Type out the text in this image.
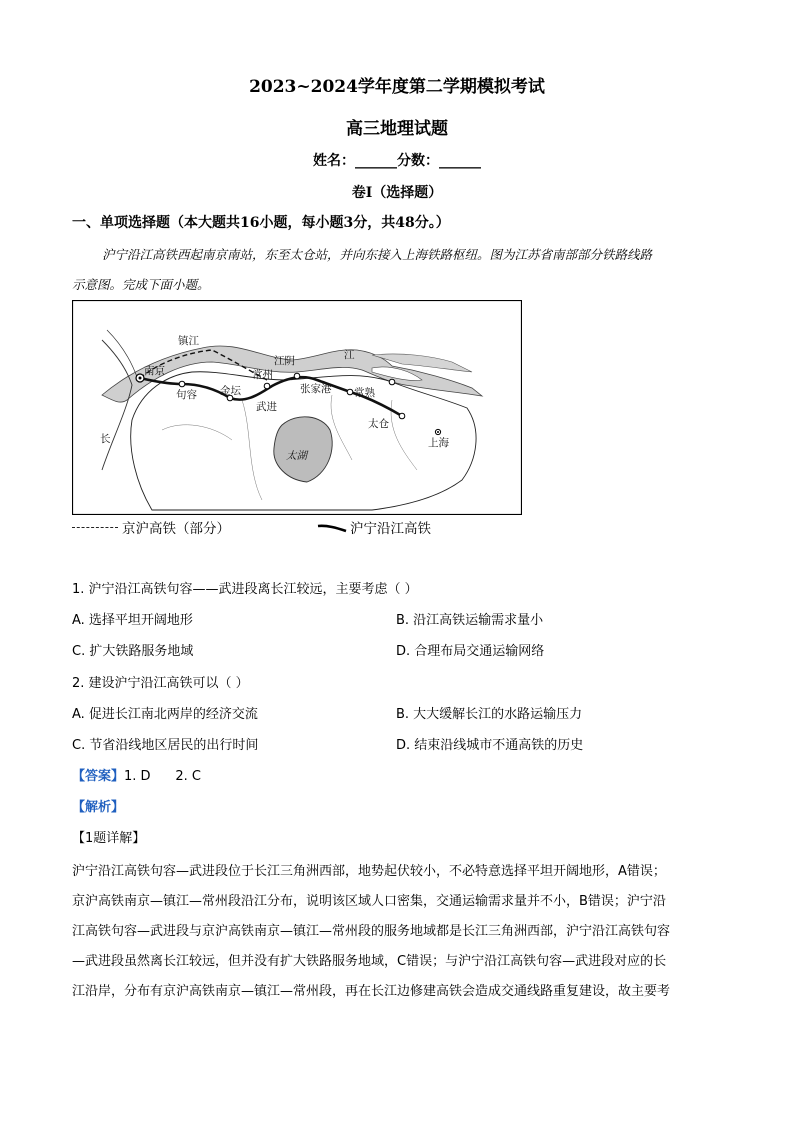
2023~2024学年度第二学期模拟考试
高三地理试题
姓名：______分数：______
卷Ⅰ（选择题）
一、单项选择题（本大题共16小题，每小题3分，共48分。）
沪宁沿江高铁西起南京南站，东至太仓站，并向东接入上海铁路枢纽。图为江苏省南部部分铁路线路
示意图。完成下面小题。
镇江
江阴	江
南京	常州
句容 金坛
武进
张家港 常熟
太仓
上海
太湖
长
京沪高铁（部分）	沪宁沿江高铁
1. 沪宁沿江高铁句容——武进段离长江较远，主要考虑（ ）
A. 选择平坦开阔地形	B. 沿江高铁运输需求量小
C. 扩大铁路服务地域	D. 合理布局交通运输网络
2. 建设沪宁沿江高铁可以（ ）
A. 促进长江南北两岸的经济交流	B. 大大缓解长江的水路运输压力
C. 节省沿线地区居民的出行时间	D. 结束沿线城市不通高铁的历史
【答案】1. D      2. C
【解析】
【1题详解】

沪宁沿江高铁句容—武进段位于长江三角洲西部，地势起伏较小，不必特意选择平坦开阔地形，A错误；

京沪高铁南京—镇江—常州段沿江分布，说明该区域人口密集，交通运输需求量并不小，B错误；沪宁沿

江高铁句容—武进段与京沪高铁南京—镇江—常州段的服务地域都是长江三角洲西部，沪宁沿江高铁句容

—武进段虽然离长江较远，但并没有扩大铁路服务地域，C错误；与沪宁沿江高铁句容—武进段对应的长

江沿岸，分布有京沪高铁南京—镇江—常州段，再在长江边修建高铁会造成交通线路重复建设，故主要考
